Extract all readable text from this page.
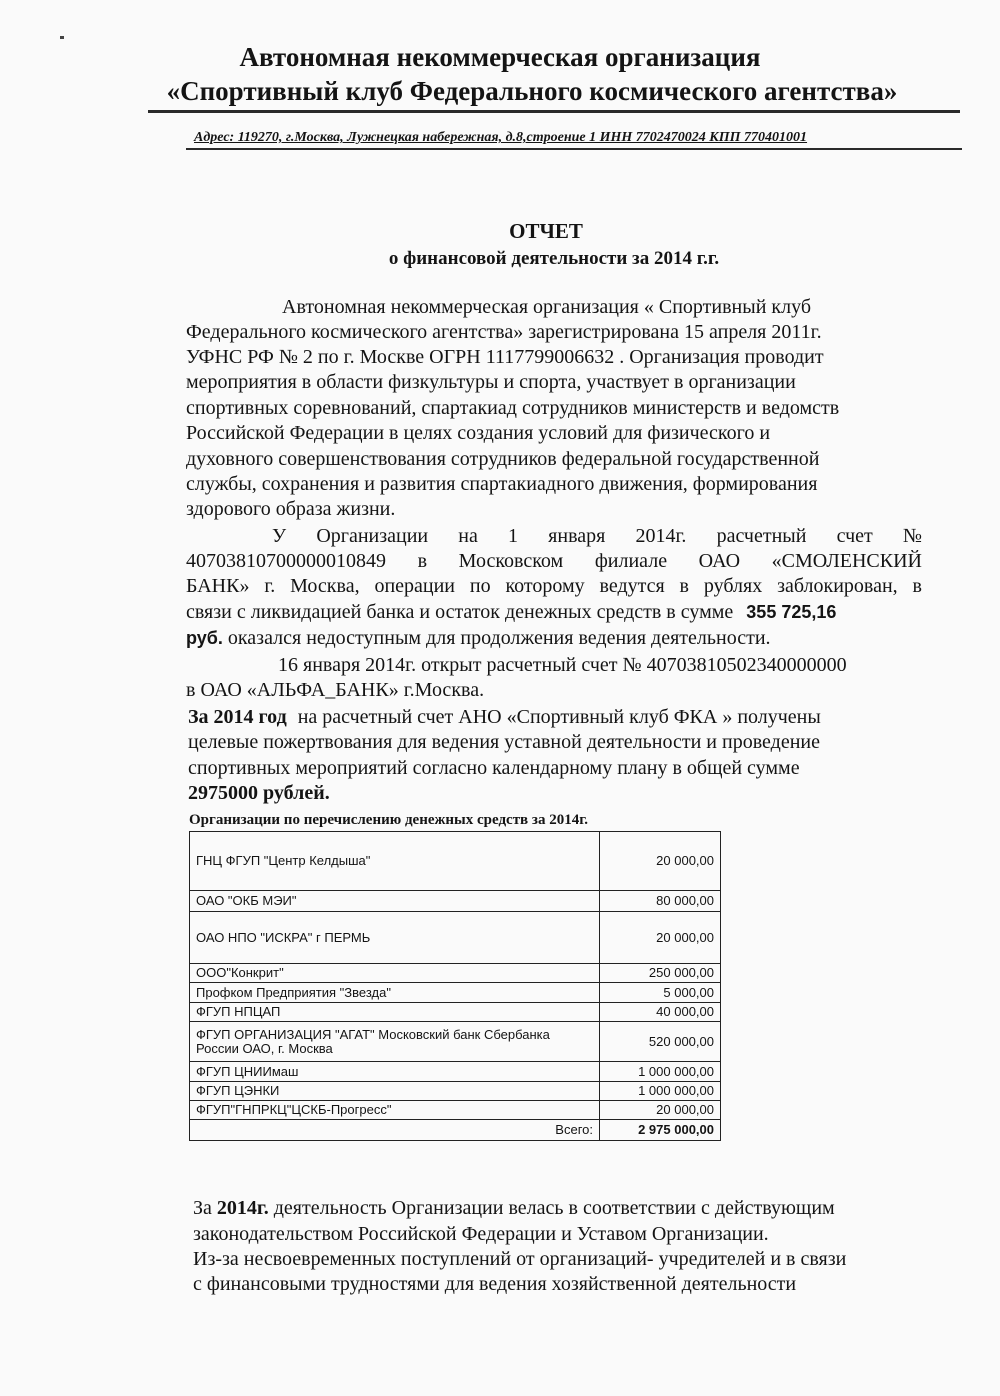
Автономная некоммерческая организация
«Спортивный клуб Федерального космического агентства»
Адрес: 119270, г.Москва, Лужнецкая набережная, д.8,строение 1 ИНН 7702470024 КПП 770401001
ОТЧЕТ
о финансовой деятельности за 2014 г.г.
Автономная некоммерческая организация « Спортивный клуб
Федерального космического агентства» зарегистрирована 15 апреля 2011г.
УФНС РФ № 2 по г. Москве ОГРН 1117799006632 . Организация проводит
мероприятия в области физкультуры и спорта, участвует в организации
спортивных соревнований, спартакиад сотрудников министерств и ведомств
Российской Федерации в целях создания условий для физического и
духовного совершенствования сотрудников федеральной государственной
службы, сохранения и развития спартакиадного движения, формирования
здорового образа жизни.
У Организации на 1 января 2014г. расчетный счет №
40703810700000010849 в Московском филиале ОАО «СМОЛЕНСКИЙ
БАНК» г. Москва, операции по которому ведутся в рублях заблокирован, в
связи с ликвидацией банка и остаток денежных средств в сумме 355 725,16
руб. оказался недоступным для продолжения ведения деятельности.
16 января 2014г. открыт расчетный счет № 40703810502340000000
в ОАО «АЛЬФА_БАНК» г.Москва.
За 2014 год на расчетный счет АНО «Спортивный клуб ФКА » получены
целевые пожертвования для ведения уставной деятельности и проведение
спортивных мероприятий согласно календарному плану в общей сумме
2975000 рублей.
Организации по перечислению денежных средств за 2014г.
ГНЦ ФГУП "Центр Келдыша"	20 000,00
ОАО "ОКБ МЭИ"	80 000,00
ОАО НПО "ИСКРА" г ПЕРМЬ	20 000,00
ООО"Конкрит"	250 000,00
Профком Предприятия "Звезда"	5 000,00
ФГУП НПЦАП	40 000,00
ФГУП ОРГАНИЗАЦИЯ "АГАТ" Московский банк Сбербанка России ОАО, г. Москва	520 000,00
ФГУП ЦНИИмаш	1 000 000,00
ФГУП ЦЭНКИ	1 000 000,00
ФГУП"ГНПРКЦ"ЦСКБ-Прогресс"	20 000,00
Всего:	2 975 000,00
За 2014г. деятельность Организации велась в соответствии с действующим
законодательством Российской Федерации и Уставом Организации.
Из-за несвоевременных поступлений от организаций- учредителей и в связи
с финансовыми трудностями для ведения хозяйственной деятельности
